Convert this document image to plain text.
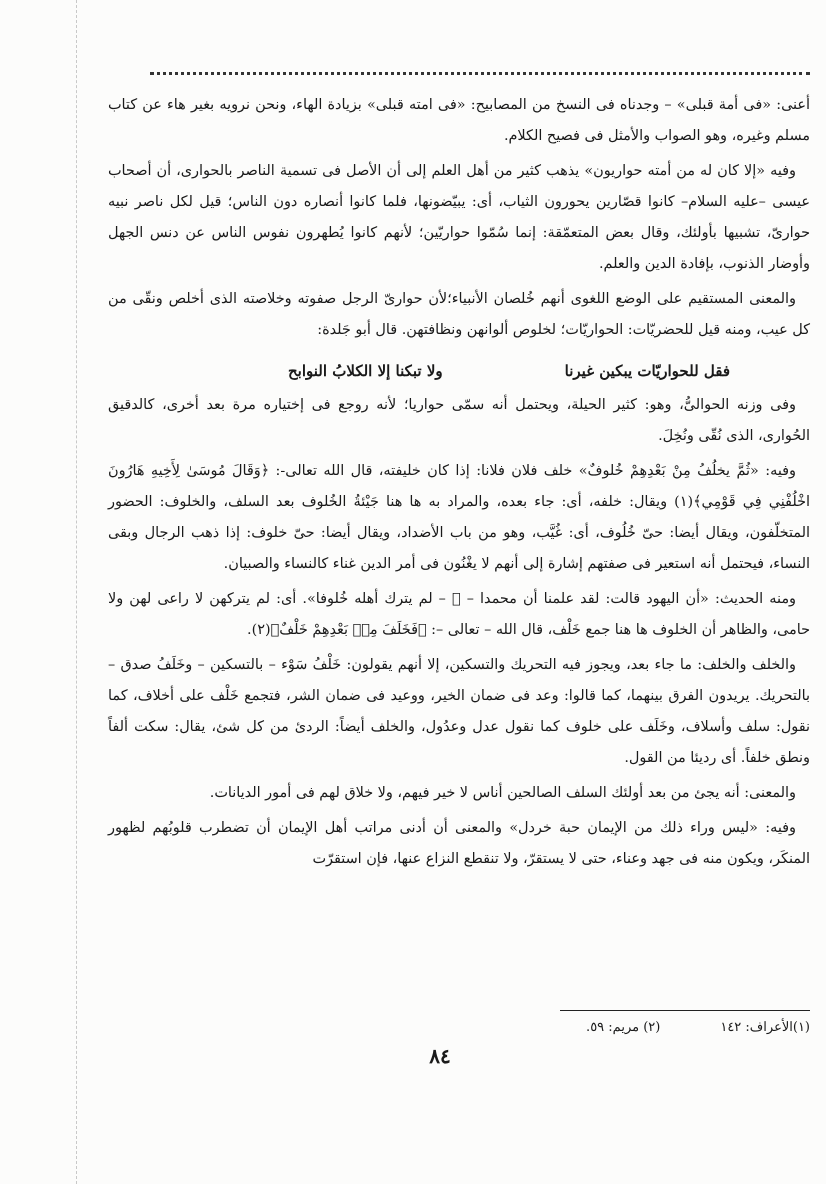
أعنى: «فى أمة قبلى» – وجدناه فى النسخ من المصابيح: «فى امته قبلى» بزيادة الهاء، ونحن نرويه بغير هاء عن كتاب مسلم وغيره، وهو الصواب والأمثل فى فصيح الكلام.

وفيه «إلا كان له من أمته حواريون» يذهب كثير من أهل العلم إلى أن الأصل فى تسمية الناصر بالحوارى، أن أصحاب عيسى –عليه السلام– كانوا قصّارين يحورون الثياب، أى: يبيّضونها، فلما كانوا أنصاره دون الناس؛ قيل لكل ناصر نبيه حوارىّ، تشبيها بأولئك، وقال بعض المتعمّقة: إنما سُمّوا حواريّين؛ لأنهم كانوا يُطهرون نفوس الناس عن دنس الجهل وأوضار الذنوب، بإفادة الدين والعلم.

والمعنى المستقيم على الوضع اللغوى أنهم خُلصان الأنبياء؛لأن حوارىّ الرجل صفوته وخلاصته الذى أخلص ونقّى من كل عيب، ومنه قيل للحضريّات: الحواريّات؛ لخلوص ألوانهن ونظافتهن. قال أبو جَلدة:

فقل للحواريّات يبكين غيرنا
ولا تبكنا إلا الكلابُ النوابح

وفى وزنه الحوالىُّ، وهو: كثير الحيلة، ويحتمل أنه سمّى حواريا؛ لأنه روجع فى إختياره مرة بعد أخرى، كالدقيق الحُوارى، الذى نُقّى ونُخِلَ.

وفيه: «ثُمَّ يخلُفُ مِنْ بَعْدِهِمْ خُلوفٌ» خلف فلان فلانا: إذا كان خليفته، قال الله تعالى-: ﴿وَقَالَ مُوسَىٰ لِأَخِيهِ هَارُونَ اخْلُفْنِي فِي قَوْمِي﴾(١) ويقال: خلفه، أى: جاء بعده، والمراد به ها هنا جَيْئةُ الخُلوف بعد السلف، والخلوف: الحضور المتخلّفون، ويقال أيضا: حىّ خُلُوف، أى: غُيَّب، وهو من باب الأضداد، ويقال أيضا: حىّ خلوف: إذا ذهب الرجال وبقى النساء، فيحتمل أنه استعير فى صفتهم إشارة إلى أنهم لا يغْنُون فى أمر الدين غناء كالنساء والصبيان.

ومنه الحديث: «أن اليهود قالت: لقد علمنا أن محمدا – ﷺ – لم يترك أهله خُلوفا». أى: لم يتركهن لا راعى لهن ولا حامى، والظاهر أن الخلوف ها هنا جمع خَلْف، قال الله – تعالى –: ﴿فَخَلَفَ مِنۢ بَعْدِهِمْ خَلْفٌ﴾(٢).

والخلف والخلف: ما جاء بعد، ويجوز فيه التحريك والتسكين، إلا أنهم يقولون: خَلْفُ سَوْء – بالتسكين – وخَلَفُ صدق – بالتحريك. يريدون الفرق بينهما، كما قالوا: وعد فى ضمان الخير، ووعيد فى ضمان الشر، فتجمع خَلْف على أخلاف، كما نقول: سلف وأسلاف، وخَلَف على خلوف كما نقول عدل وعدُول، والخلف أيضاً: الردئ من كل شئ، يقال: سكت ألفاً ونطق خلفاً. أى رديئا من القول.

والمعنى: أنه يجئ من بعد أولئك السلف الصالحين أناس لا خير فيهم، ولا خلاق لهم فى أمور الديانات.

وفيه: «ليس وراء ذلك من الإيمان حبة خردل» والمعنى أن أدنى مراتب أهل الإيمان أن تضطرب قلوبُهم لظهور المنكَر، ويكون منه فى جهد وعناء، حتى لا يستقرّ، ولا تنقطع النزاع عنها، فإن استقرّت

(١)الأعراف: ١٤٢
(٢) مريم: ٥٩.
٨٤
